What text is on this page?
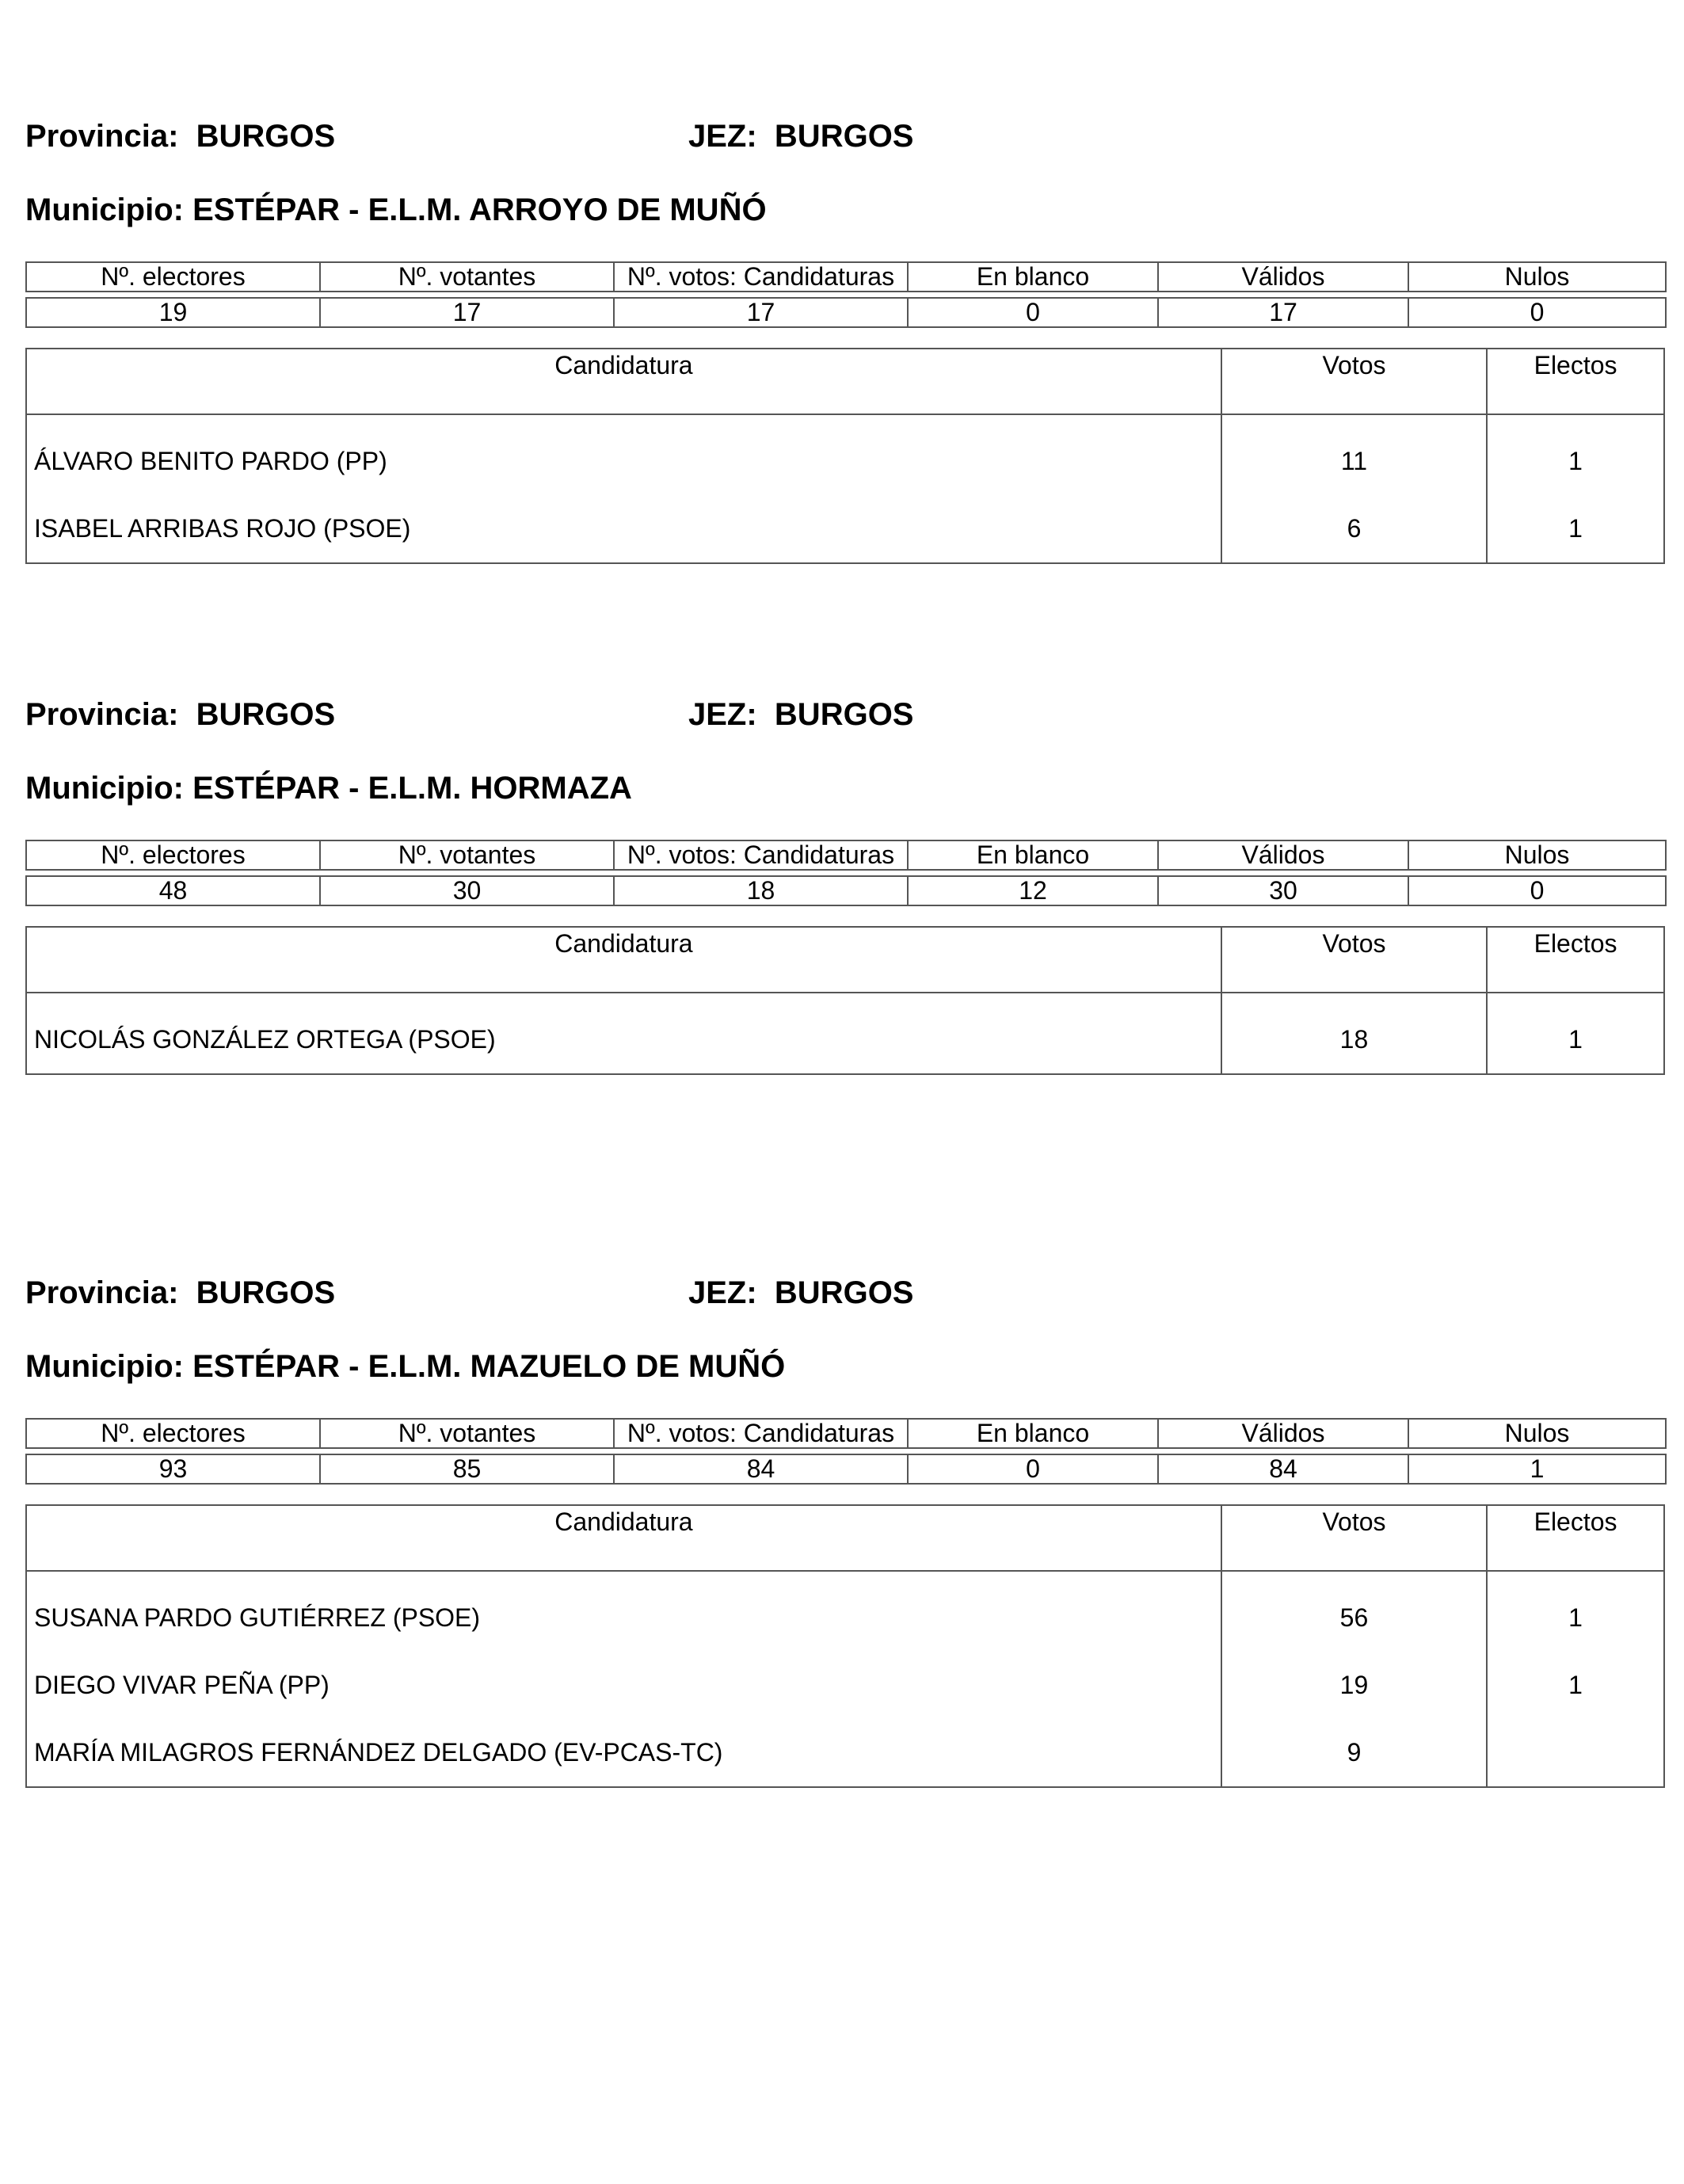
Provincia: BURGOS	JEZ: BURGOS
Municipio: ESTÉPAR - E.L.M. ARROYO DE MUÑÓ
Nº. electores	Nº. votantes	Nº. votos: Candidaturas	En blanco	Válidos	Nulos

19	17	17	0	17	0
Candidatura	Votos	Electos
ÁLVARO BENITO PARDO (PP)	11	1
ISABEL ARRIBAS ROJO (PSOE)	6	1
Provincia: BURGOS	JEZ: BURGOS
Municipio: ESTÉPAR - E.L.M. HORMAZA
Nº. electores	Nº. votantes	Nº. votos: Candidaturas	En blanco	Válidos	Nulos

48	30	18	12	30	0
Candidatura	Votos	Electos
NICOLÁS GONZÁLEZ ORTEGA (PSOE)	18	1
Provincia: BURGOS	JEZ: BURGOS
Municipio: ESTÉPAR - E.L.M. MAZUELO DE MUÑÓ
Nº. electores	Nº. votantes	Nº. votos: Candidaturas	En blanco	Válidos	Nulos

93	85	84	0	84	1
Candidatura	Votos	Electos
SUSANA PARDO GUTIÉRREZ (PSOE)	56	1
DIEGO VIVAR PEÑA (PP)	19	1
MARÍA MILAGROS FERNÁNDEZ DELGADO (EV-PCAS-TC)	9	
